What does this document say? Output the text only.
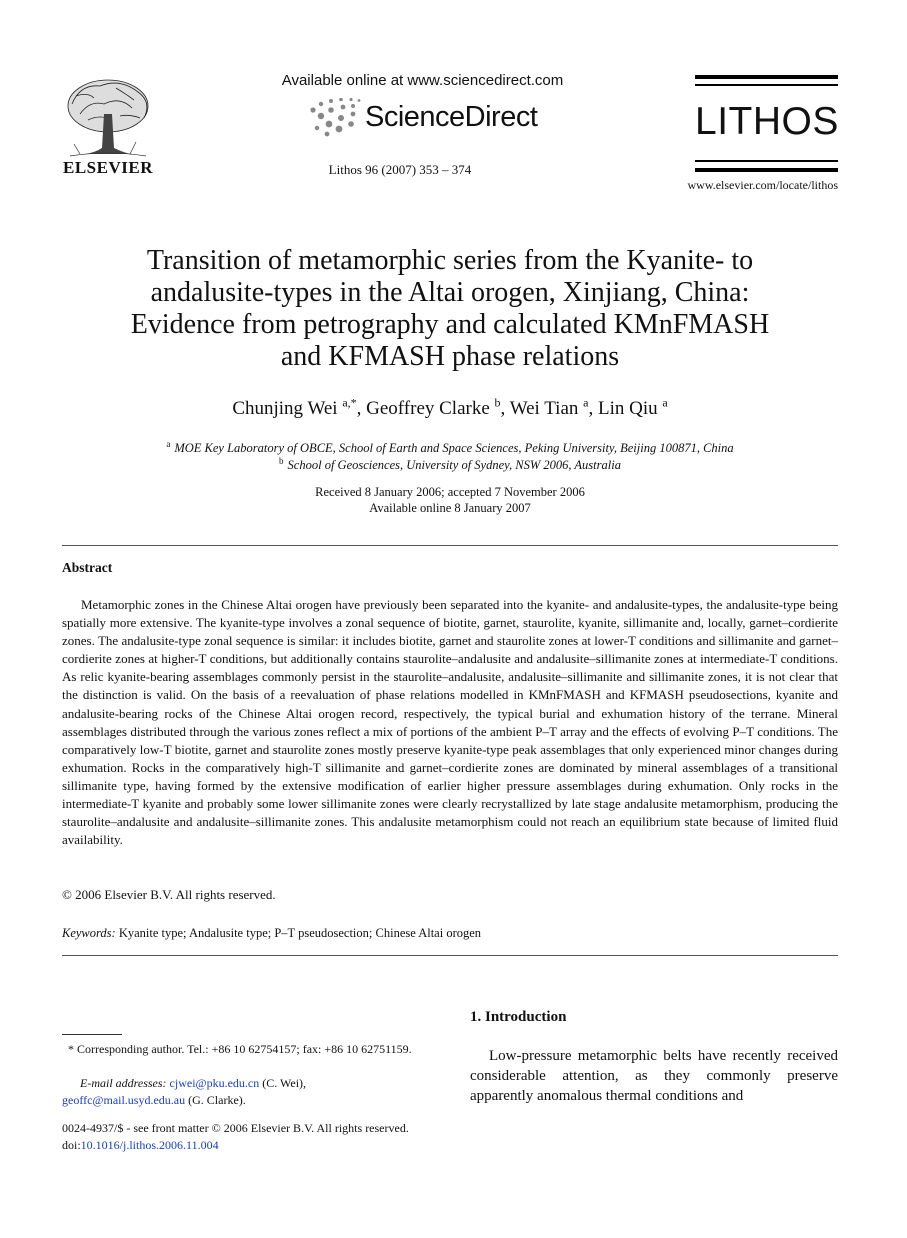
ELSEVIER
Available online at www.sciencedirect.com
ScienceDirect
Lithos 96 (2007) 353 – 374
LITHOS
www.elsevier.com/locate/lithos
Transition of metamorphic series from the Kyanite- to
andalusite-types in the Altai orogen, Xinjiang, China:
Evidence from petrography and calculated KMnFMASH
and KFMASH phase relations
Chunjing Wei $^{a,*}$, Geoffrey Clarke $^b$, Wei Tian $^a$, Lin Qiu $^a$
$^a$ MOE Key Laboratory of OBCE, School of Earth and Space Sciences, Peking University, Beijing 100871, China
$^b$ School of Geosciences, University of Sydney, NSW 2006, Australia
Received 8 January 2006; accepted 7 November 2006
Available online 8 January 2007
Abstract
Metamorphic zones in the Chinese Altai orogen have previously been separated into the kyanite- and andalusite-types, the andalusite-type being spatially more extensive. The kyanite-type involves a zonal sequence of biotite, garnet, staurolite, kyanite, sillimanite and, locally, garnet–cordierite zones. The andalusite-type zonal sequence is similar: it includes biotite, garnet and staurolite zones at lower-T conditions and sillimanite and garnet–cordierite zones at higher-T conditions, but additionally contains staurolite–andalusite and andalusite–sillimanite zones at intermediate-T conditions. As relic kyanite-bearing assemblages commonly persist in the staurolite–andalusite, andalusite–sillimanite and sillimanite zones, it is not clear that the distinction is valid. On the basis of a reevaluation of phase relations modelled in KMnFMASH and KFMASH pseudosections, kyanite and andalusite-bearing rocks of the Chinese Altai orogen record, respectively, the typical burial and exhumation history of the terrane. Mineral assemblages distributed through the various zones reflect a mix of portions of the ambient P–T array and the effects of evolving P–T conditions. The comparatively low-T biotite, garnet and staurolite zones mostly preserve kyanite-type peak assemblages that only experienced minor changes during exhumation. Rocks in the comparatively high-T sillimanite and garnet–cordierite zones are dominated by mineral assemblages of a transitional sillimanite type, having formed by the extensive modification of earlier higher pressure assemblages during exhumation. Only rocks in the intermediate-T kyanite and probably some lower sillimanite zones were clearly recrystallized by late stage andalusite metamorphism, producing the staurolite–andalusite and andalusite–sillimanite zones. This andalusite metamorphism could not reach an equilibrium state because of limited fluid availability.
© 2006 Elsevier B.V. All rights reserved.
Keywords: Kyanite type; Andalusite type; P–T pseudosection; Chinese Altai orogen
1. Introduction
Low-pressure metamorphic belts have recently received considerable attention, as they commonly preserve apparently anomalous thermal conditions and
* Corresponding author. Tel.: +86 10 62754157; fax: +86 10 62751159.
E-mail addresses: cjwei@pku.edu.cn (C. Wei),
geoffc@mail.usyd.edu.au (G. Clarke).
0024-4937/$ - see front matter © 2006 Elsevier B.V. All rights reserved.
doi:10.1016/j.lithos.2006.11.004
